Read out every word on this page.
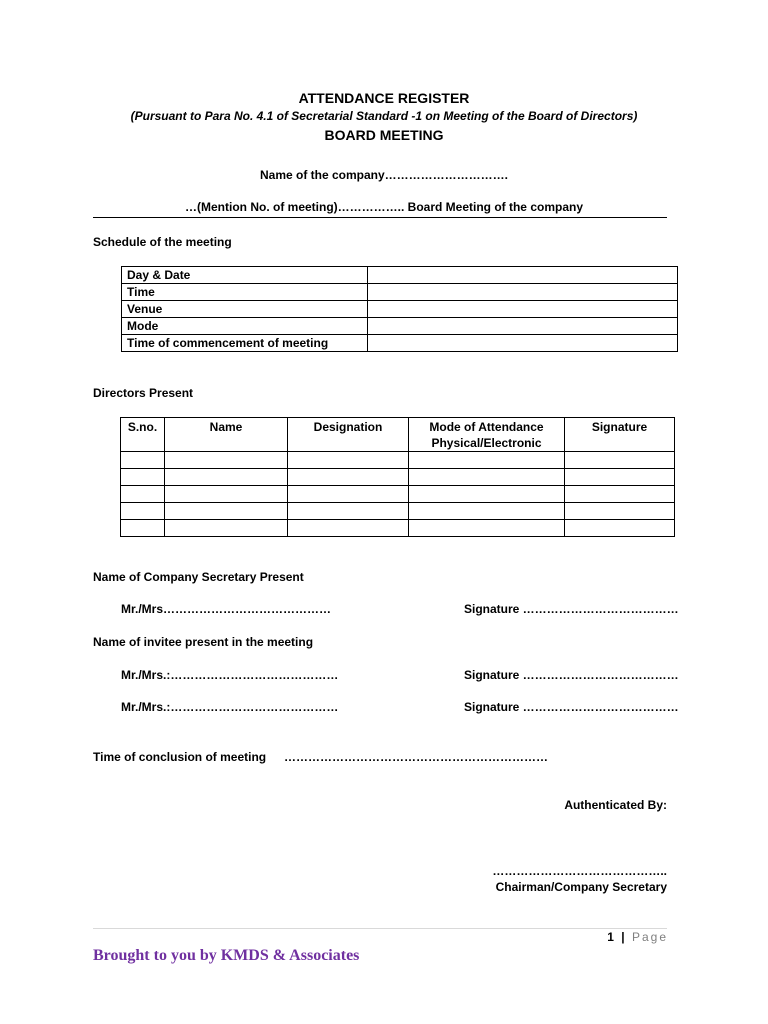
ATTENDANCE REGISTER
(Pursuant to Para No. 4.1 of Secretarial Standard -1 on Meeting of the Board of Directors)
BOARD MEETING
Name of the company………………………….
…(Mention No. of meeting)…………….. Board Meeting of the company
Schedule of the meeting
Day & Date	
Time	
Venue	
Mode	
Time of commencement of meeting	
Directors Present
S.no.	Name	Designation	Mode of Attendance Physical/Electronic	Signature

Name of Company Secretary Present
Mr./Mrs……………………………………	Signature …………………………………
Name of invitee present in the meeting
Mr./Mrs.:……………………………………	Signature …………………………………
Mr./Mrs.:……………………………………	Signature …………………………………
Time of conclusion of meeting …………………………………………………………
Authenticated By:
……………………………………..
Chairman/Company Secretary
1 | Page
Brought to you by KMDS & Associates
